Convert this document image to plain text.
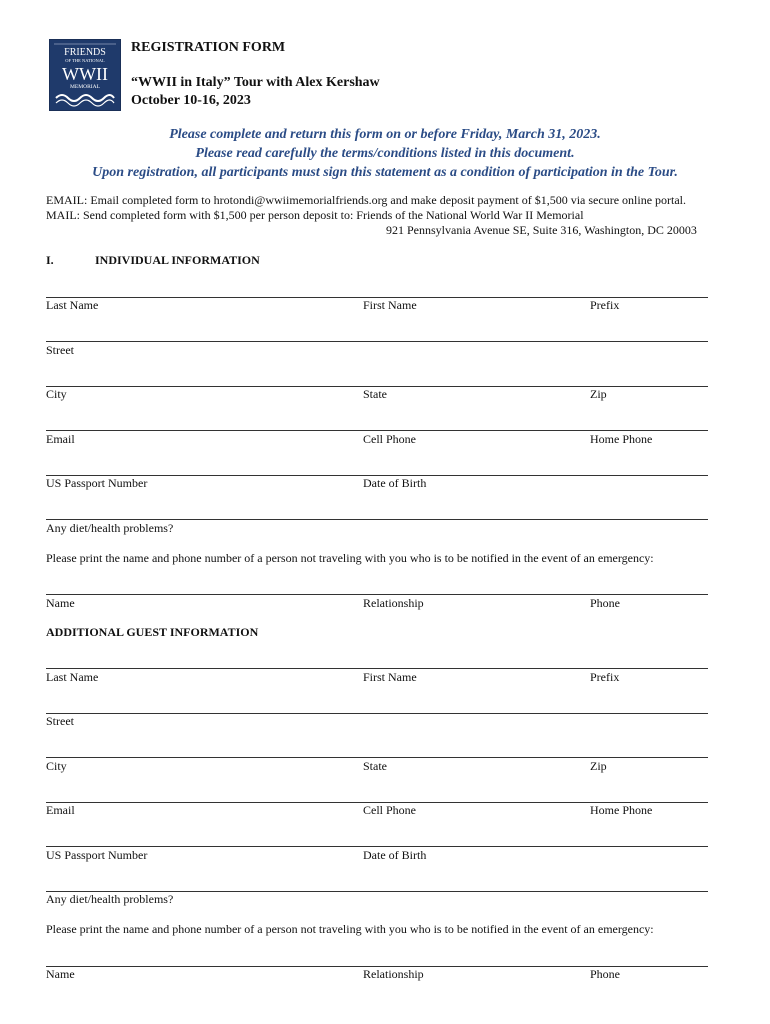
FRIENDS
OF THE NATIONAL
WWII
MEMORIAL
REGISTRATION FORM
“WWII in Italy” Tour with Alex Kershaw
October 10-16, 2023
Please complete and return this form on or before Friday, March 31, 2023.
Please read carefully the terms/conditions listed in this document.
Upon registration, all participants must sign this statement as a condition of participation in the Tour.
EMAIL: Email completed form to hrotondi@wwiimemorialfriends.org and make deposit payment of $1,500 via secure online portal.
MAIL: Send completed form with $1,500 per person deposit to: Friends of the National World War II Memorial
921 Pennsylvania Avenue SE, Suite 316, Washington, DC 20003
I.	INDIVIDUAL INFORMATION
Last Name	First Name	Prefix
Street
City	State	Zip
Email	Cell Phone	Home Phone
US Passport Number	Date of Birth
Any diet/health problems?
Please print the name and phone number of a person not traveling with you who is to be notified in the event of an emergency:
Name	Relationship	Phone
ADDITIONAL GUEST INFORMATION
Last Name	First Name	Prefix
Street
City	State	Zip
Email	Cell Phone	Home Phone
US Passport Number	Date of Birth
Any diet/health problems?
Please print the name and phone number of a person not traveling with you who is to be notified in the event of an emergency:
Name	Relationship	Phone
